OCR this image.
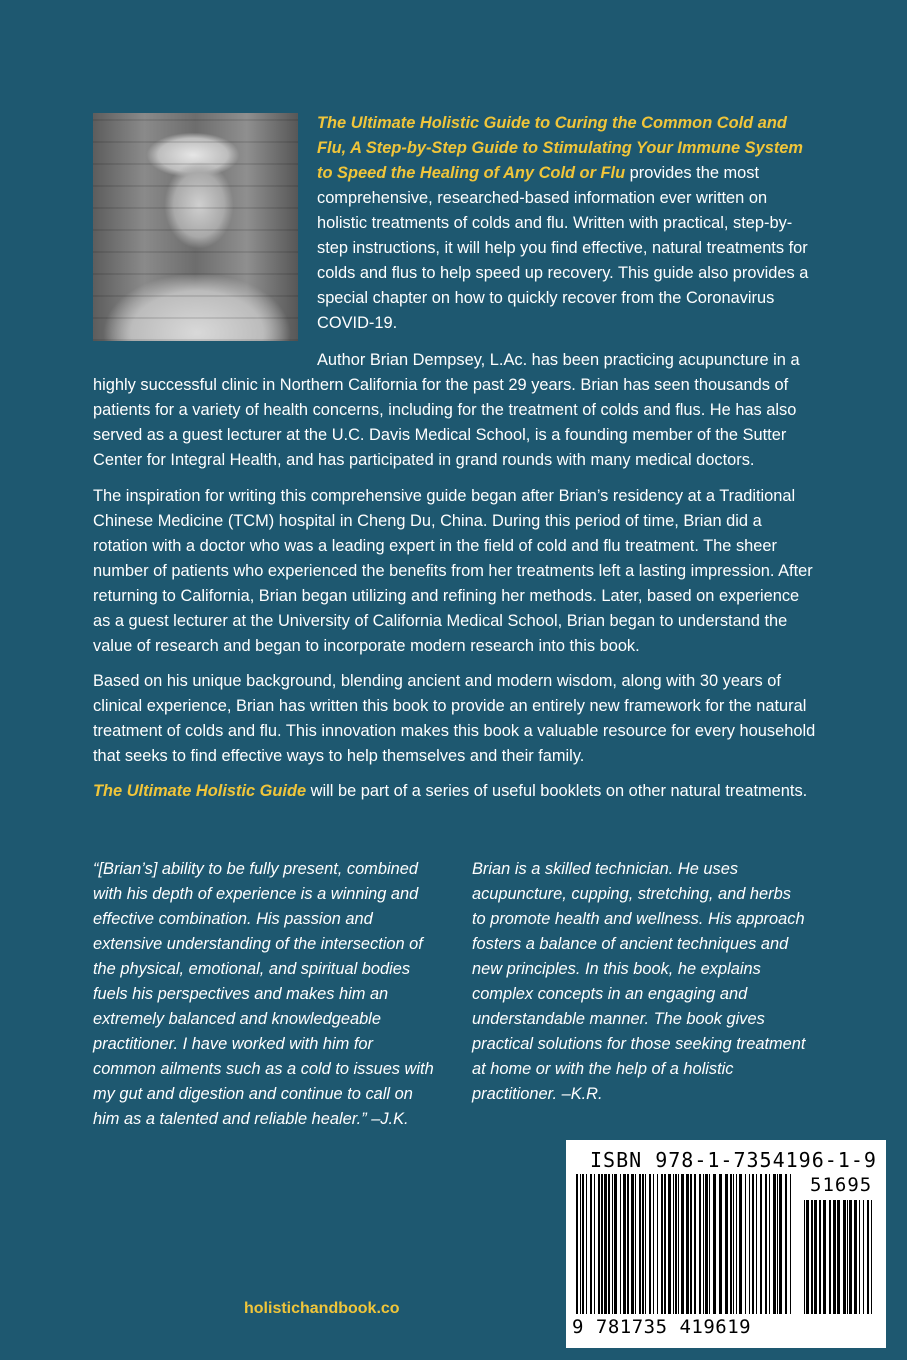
The Ultimate Holistic Guide to Curing the Common Cold and Flu, A Step-by-Step Guide to Stimulating Your Immune System to Speed the Healing of Any Cold or Flu provides the most comprehensive, researched-based information ever written on holistic treatments of colds and flu. Written with practical, step-by-step instructions, it will help you find effective, natural treatments for colds and flus to help speed up recovery. This guide also provides a special chapter on how to quickly recover from the Coronavirus COVID-19.

Author Brian Dempsey, L.Ac. has been practicing acupuncture in a highly successful clinic in Northern California for the past 29 years. Brian has seen thousands of patients for a variety of health concerns, including for the treatment of colds and flus. He has also served as a guest lecturer at the U.C. Davis Medical School, is a founding member of the Sutter Center for Integral Health, and has participated in grand rounds with many medical doctors.

The inspiration for writing this comprehensive guide began after Brian’s residency at a Traditional Chinese Medicine (TCM) hospital in Cheng Du, China. During this period of time, Brian did a rotation with a doctor who was a leading expert in the field of cold and flu treatment. The sheer number of patients who experienced the benefits from her treatments left a lasting impression. After returning to California, Brian began utilizing and refining her methods. Later, based on experience as a guest lecturer at the University of California Medical School, Brian began to understand the value of research and began to incorporate modern research into this book.

Based on his unique background, blending ancient and modern wisdom, along with 30 years of clinical experience, Brian has written this book to provide an entirely new framework for the natural treatment of colds and flu. This innovation makes this book a valuable resource for every household that seeks to find effective ways to help themselves and their family.

The Ultimate Holistic Guide will be part of a series of useful booklets on other natural treatments.

“[Brian’s] ability to be fully present, combined with his depth of experience is a winning and effective combination. His passion and extensive understanding of the intersection of the physical, emotional, and spiritual bodies fuels his perspectives and makes him an extremely balanced and knowledgeable practitioner. I have worked with him for common ailments such as a cold to issues with my gut and digestion and continue to call on him as a talented and reliable healer.” –J.K.

Brian is a skilled technician. He uses acupuncture, cupping, stretching, and herbs to promote health and wellness. His approach fosters a balance of ancient techniques and new principles. In this book, he explains complex concepts in an engaging and understandable manner. The book gives practical solutions for those seeking treatment at home or with the help of a holistic practitioner. –K.R.

holistichandbook.co
ISBN 978-1-7354196-1-9
51695
9 781735 419619
